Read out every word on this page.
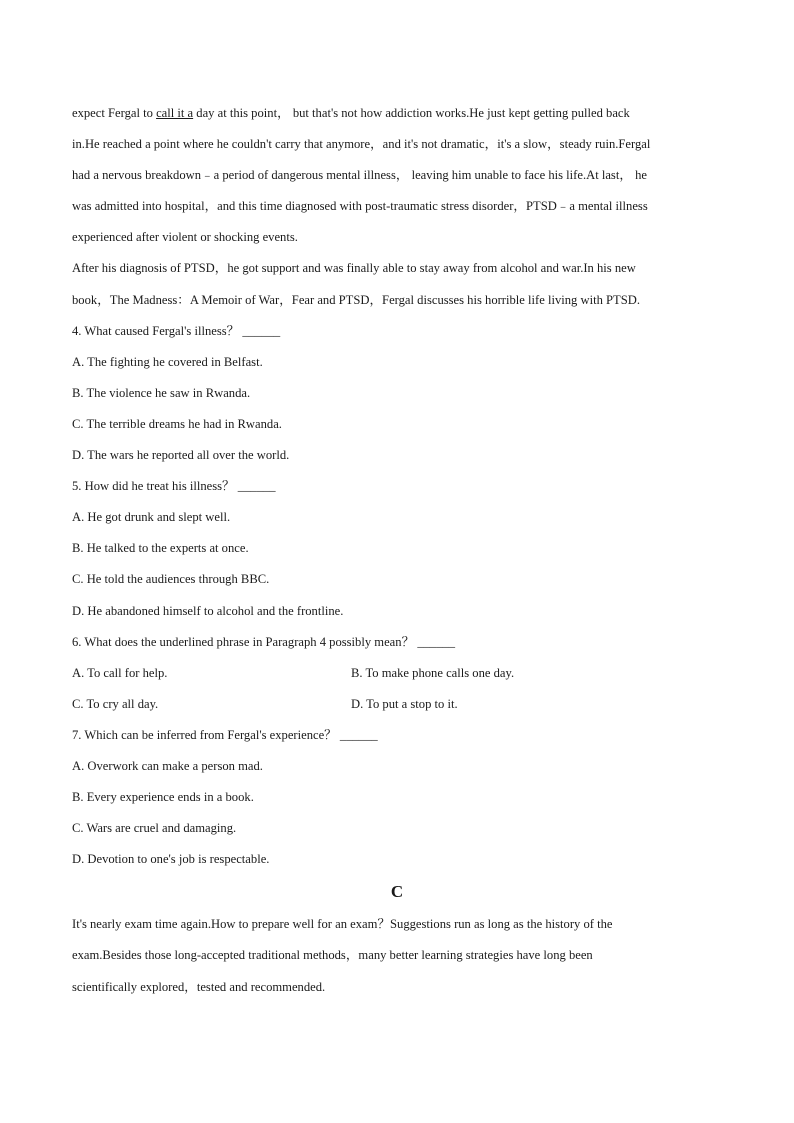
expect Fergal to call it a day at this point， but that's not how addiction works.He just kept getting pulled back
in.He reached a point where he couldn't carry that anymore，and it's not dramatic，it's a slow，steady ruin.Fergal
had a nervous breakdown﹣a period of dangerous mental illness， leaving him unable to face his life.At last， he
was admitted into hospital，and this time diagnosed with post-traumatic stress disorder，PTSD﹣a mental illness
experienced after violent or shocking events.
After his diagnosis of PTSD，he got support and was finally able to stay away from alcohol and war.In his new
book，The Madness：A Memoir of War，Fear and PTSD，Fergal discusses his horrible life living with PTSD.
4. What caused Fergal's illness？ ______
A. The fighting he covered in Belfast.
B. The violence he saw in Rwanda.
C. The terrible dreams he had in Rwanda.
D. The wars he reported all over the world.
5. How did he treat his illness？ ______
A. He got drunk and slept well.
B. He talked to the experts at once.
C. He told the audiences through BBC.
D. He abandoned himself to alcohol and the frontline.
6. What does the underlined phrase in Paragraph 4 possibly mean？ ______
A. To call for help.	B. To make phone calls one day.
C. To cry all day.	D. To put a stop to it.
7. Which can be inferred from Fergal's experience？ ______
A. Overwork can make a person mad.
B. Every experience ends in a book.
C. Wars are cruel and damaging.
D. Devotion to one's job is respectable.
C
It's nearly exam time again.How to prepare well for an exam？Suggestions run as long as the history of the
exam.Besides those long-accepted traditional methods，many better learning strategies have long been
scientifically explored，tested and recommended.
